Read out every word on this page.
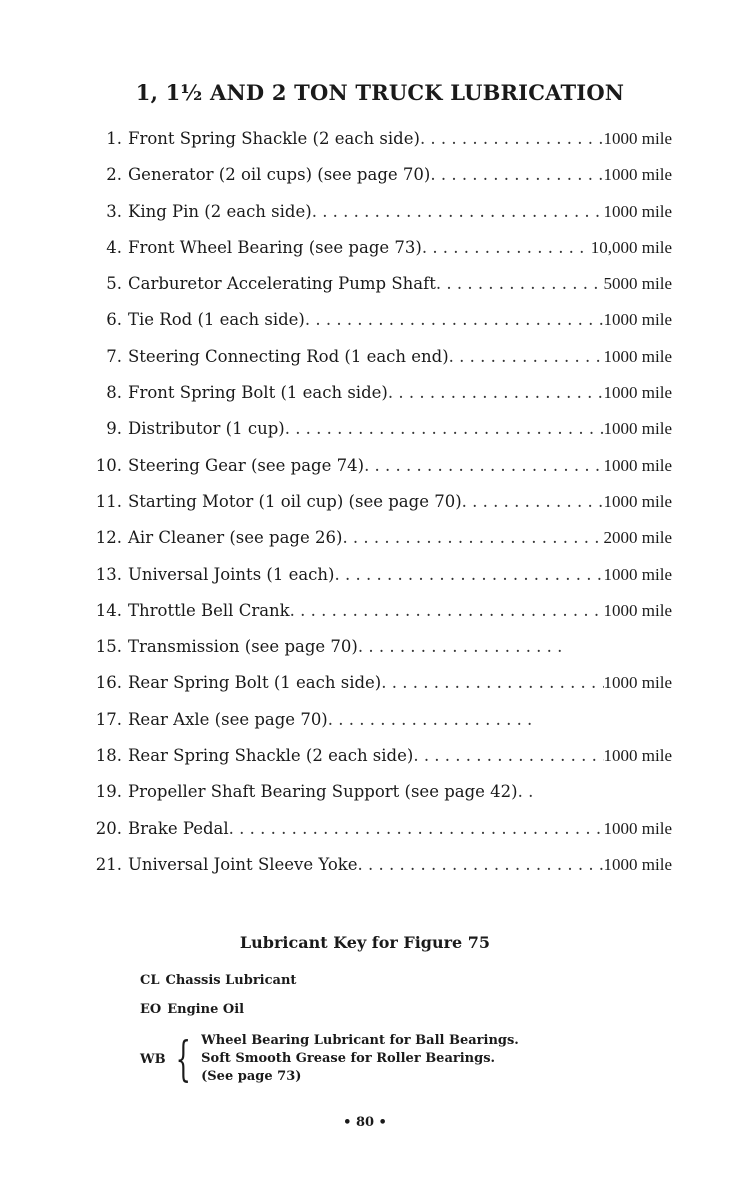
1, 1½ AND 2 TON TRUCK LUBRICATION
1. Front Spring Shackle (2 each side) . . .	1000 mile
2. Generator (2 oil cups) (see page 70) . . .	1000 mile
3. King Pin (2 each side) . . .	1000 mile
4. Front Wheel Bearing (see page 73) . . .	10,000 mile
5. Carburetor Accelerating Pump Shaft . . .	5000 mile
6. Tie Rod (1 each side) . . .	1000 mile
7. Steering Connecting Rod (1 each end) . . .	1000 mile
8. Front Spring Bolt (1 each side) . . .	1000 mile
9. Distributor (1 cup) . . .	1000 mile
10. Steering Gear (see page 74) . . .	1000 mile
11. Starting Motor (1 oil cup) (see page 70) . . .	1000 mile
12. Air Cleaner (see page 26) . . .	2000 mile
13. Universal Joints (1 each) . . .	1000 mile
14. Throttle Bell Crank . . .	1000 mile
15. Transmission (see page 70)
. . .
16. Rear Spring Bolt (1 each side) . . .	1000 mile
17. Rear Axle (see page 70)
. . .
18. Rear Spring Shackle (2 each side) . . .	1000 mile
19. Propeller Shaft Bearing Support (see page 42)
. . .
20. Brake Pedal . . .	1000 mile
21. Universal Joint Sleeve Yoke . . .	1000 mile
Lubricant Key for Figure 75
CL Chassis Lubricant
EO Engine Oil
WB { Wheel Bearing Lubricant for Ball Bearings.
Soft Smooth Grease for Roller Bearings.
(See page 73)
• 80 •
